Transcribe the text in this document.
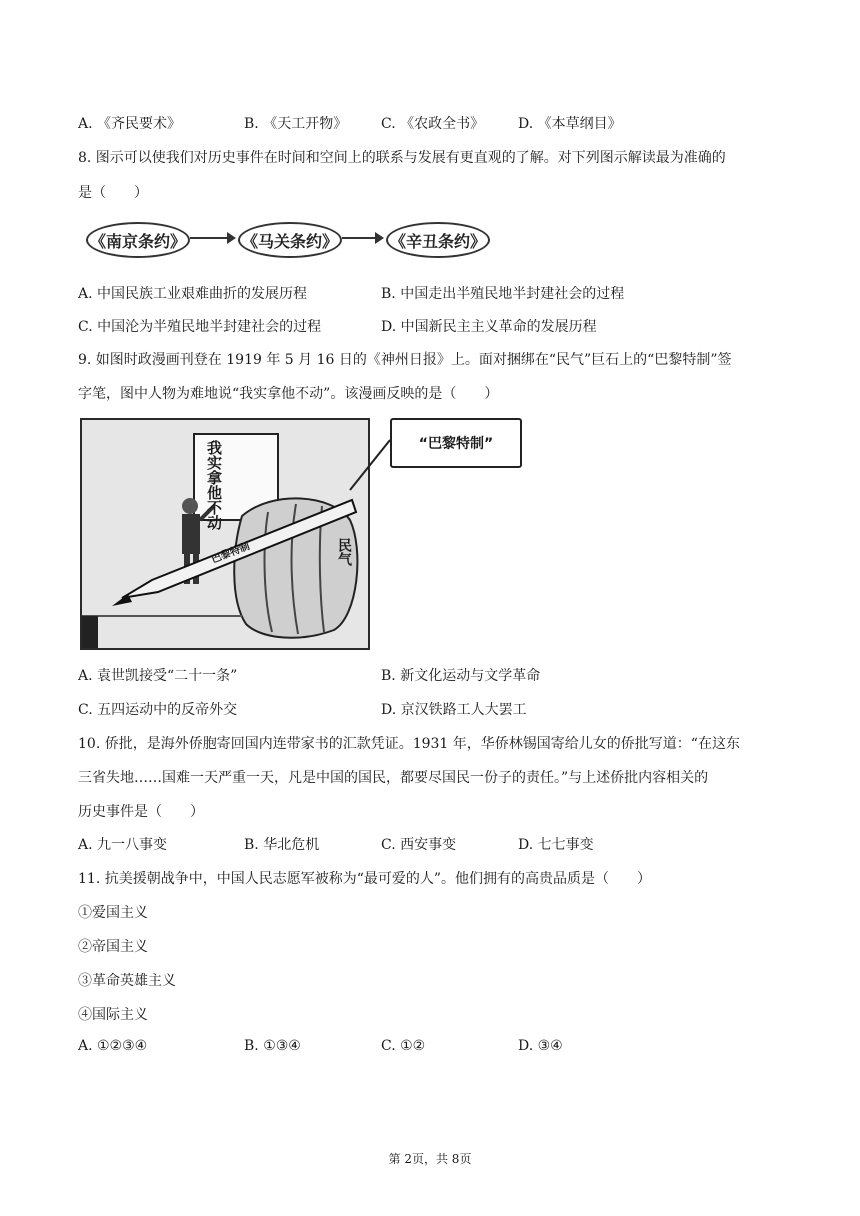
A. 《齐民要术》	B. 《天工开物》 C. 《农政全书》 D. 《本草纲目》
8. 图示可以使我们对历史事件在时间和空间上的联系与发展有更直观的了解。对下列图示解读最为准确的
是（　　）
《南京条约》	《马关条约》	《辛丑条约》
A. 中国民族工业艰难曲折的发展历程	B. 中国走出半殖民地半封建社会的过程
C. 中国沦为半殖民地半封建社会的过程	D. 中国新民主主义革命的发展历程
9. 如图时政漫画刊登在 1919 年 5 月 16 日的《神州日报》上。面对捆绑在“民气”巨石上的“巴黎特制”签
字笔，图中人物为难地说“我实拿他不动”。该漫画反映的是（　　）
我实拿他不动
巴黎特制	民气
“巴黎特制”
A. 袁世凯接受“二十一条”	B. 新文化运动与文学革命
C. 五四运动中的反帝外交	D. 京汉铁路工人大罢工
10. 侨批，是海外侨胞寄回国内连带家书的汇款凭证。1931 年，华侨林锡国寄给儿女的侨批写道：“在这东
三省失地……国难一天严重一天，凡是中国的国民，都要尽国民一份子的责任。”与上述侨批内容相关的
历史事件是（　　）
A. 九一八事变	B. 华北危机	C. 西安事变	D. 七七事变
11. 抗美援朝战争中，中国人民志愿军被称为“最可爱的人”。他们拥有的高贵品质是（　　）
①爱国主义
②帝国主义
③革命英雄主义
④国际主义
A. ①②③④	B. ①③④	C. ①②	D. ③④
第 2页，共 8页
